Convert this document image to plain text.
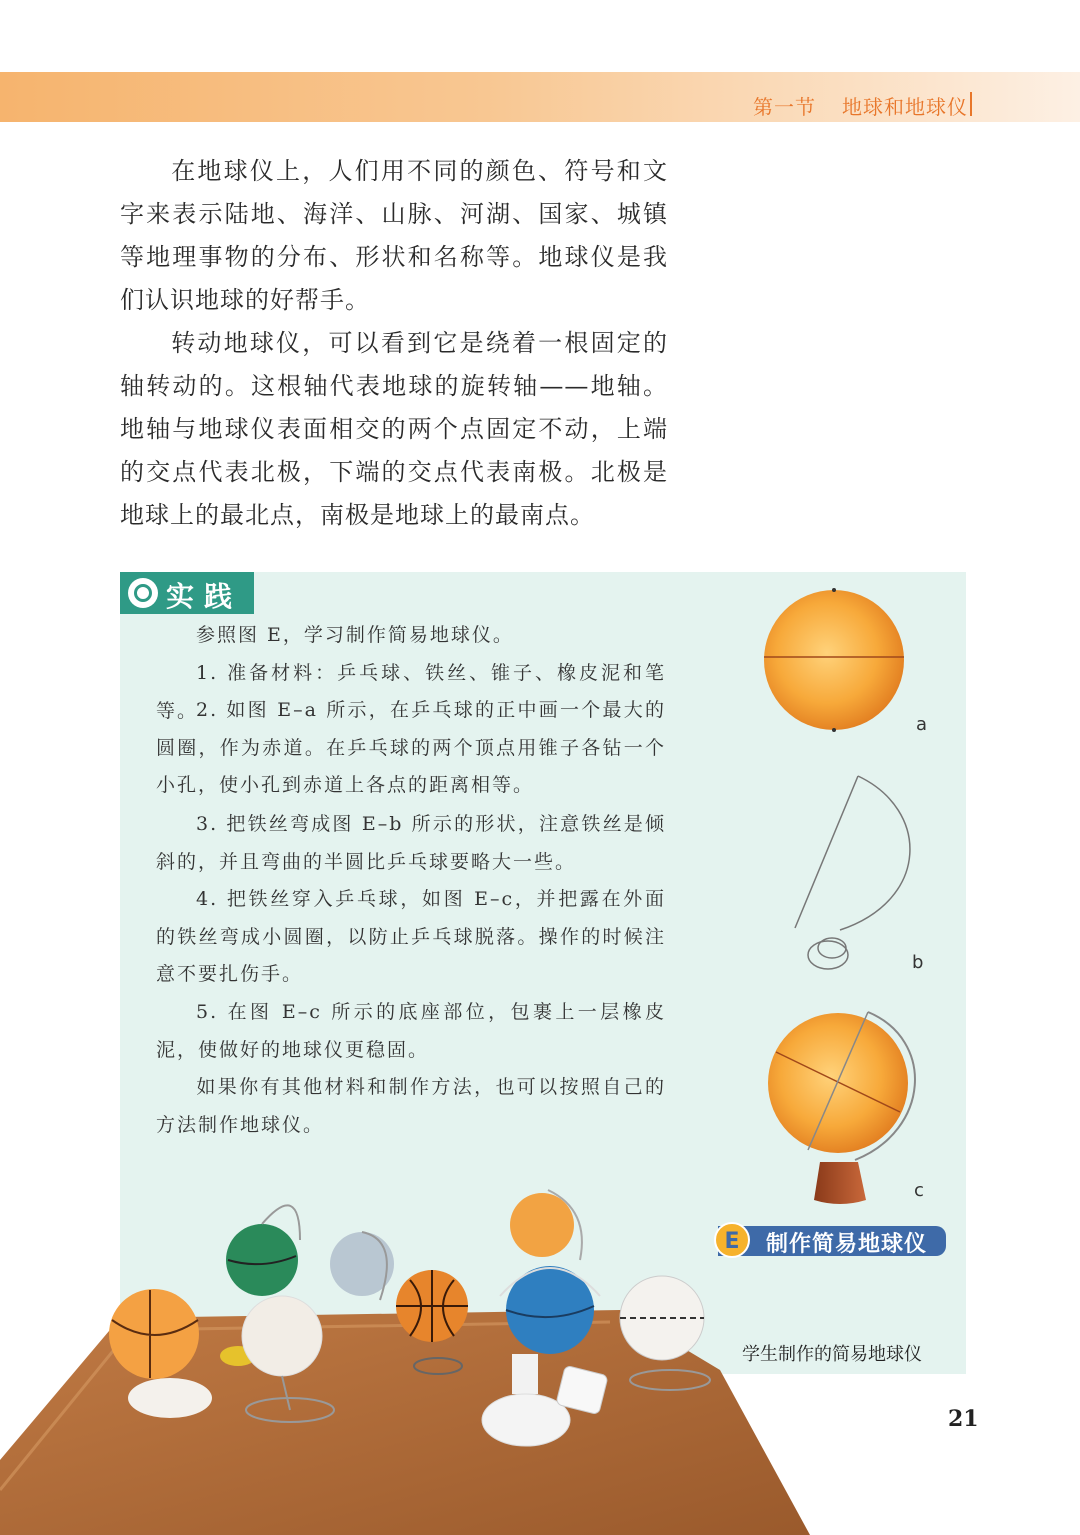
第一节 地球和地球仪
在地球仪上，人们用不同的颜色、符号和文字来表示陆地、海洋、山脉、河湖、国家、城镇等地理事物的分布、形状和名称等。地球仪是我们认识地球的好帮手。
转动地球仪，可以看到它是绕着一根固定的轴转动的。这根轴代表地球的旋转轴——地轴。地轴与地球仪表面相交的两个点固定不动，上端的交点代表北极，下端的交点代表南极。北极是地球上的最北点，南极是地球上的最南点。
实践
参照图 E，学习制作简易地球仪。
1. 准备材料：乒乓球、铁丝、锥子、橡皮泥和笔等。
2. 如图 E–a 所示，在乒乓球的正中画一个最大的圆圈，作为赤道。在乒乓球的两个顶点用锥子各钻一个小孔，使小孔到赤道上各点的距离相等。
3. 把铁丝弯成图 E–b 所示的形状，注意铁丝是倾斜的，并且弯曲的半圆比乒乓球要略大一些。
4. 把铁丝穿入乒乓球，如图 E–c，并把露在外面的铁丝弯成小圆圈，以防止乒乓球脱落。操作的时候注意不要扎伤手。
5. 在图 E–c 所示的底座部位，包裹上一层橡皮泥，使做好的地球仪更稳固。
如果你有其他材料和制作方法，也可以按照自己的方法制作地球仪。
a
b
c
E	制作简易地球仪
学生制作的简易地球仪
21
